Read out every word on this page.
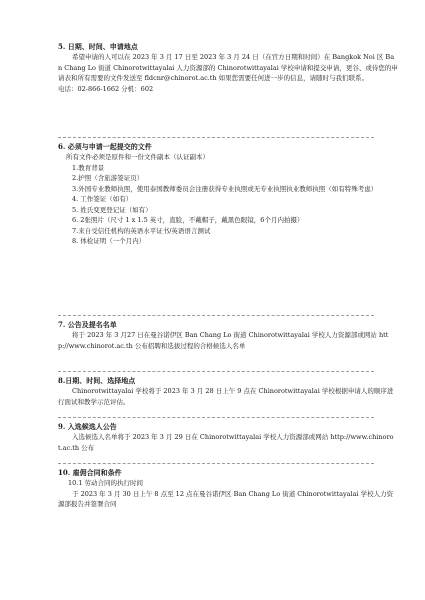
5. 日期、时间、申请地点

希望申请的人可以在 2023 年 3 月 17 日至 2023 年 3 月 24 日（在官方日期和时间）在 Bangkok Noi 区 Ban Chang Lo 街道 Chinorotwittayalai 人力资源部的 Chinorotwittayalai 学校申请和提交申请，更谷、或待您的申请表和所有需要的文件发送至 fldcnr@chinorot.ac.th 如果您需要任何进一步的信息，请随时与我们联系。

电话：02-866-1662 分机：602

6. 必须与申请一起提交的文件

所有文件必须是原件和一份文件副本（认证副本）

1.教育背景
2.护照（含旅游签证页）
3.外国专业教师执照，使用泰国教师委员会注册获得专业执照或无专业执照执业教师执照（如有特殊考虑）
4. 工作签证（如有）
5. 姓氏变更登记证（如有）
6. 2张照片（尺寸 1 x 1.5 英寸，直脸，不戴帽子，戴黑色眼镜，6个月内拍摄）
7.来自受信任机构的英语水平证书/英语语言测试
8. 体检证明（一个月内）
7. 公告及提名名单

将于 2023 年 3 月27 日在曼谷诺伊区 Ban Chang Lo 街道 Chinorotwittayalai 学校人力资源部或网站 http://www.chinorot.ac.th 公布招聘和选拔过程的合格候选人名单

8.日期、时间、选择地点

Chinorotwittayalai 学校将于 2023 年 3 月 28 日上午 9 点在 Chinorotwittayalai 学校根据申请人的顺序进行面试和教学示范评估。

9. 入选候选人公告

入选候选人名单将于 2023 年 3 月 29 日在 Chinorotwittayalai 学校人力资源部或网站 http://www.chinorot.ac.th 公布

10. 雇佣合同和条件
10.1 劳动合同的执行时间

于 2023 年 3 月 30 日上午 8 点至 12 点在曼谷诺伊区 Ban Chang Lo 街道 Chinorotwittayalai 学校人力资源部报告并签署合同
